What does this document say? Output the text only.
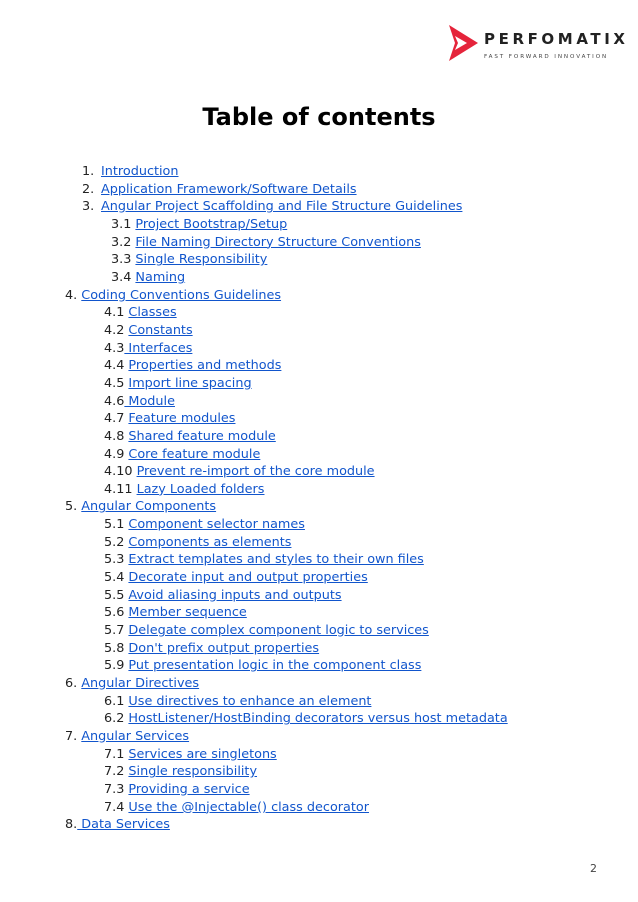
PERFOMATIX
FAST FORWARD INNOVATION
Table of contents
1. Introduction
2. Application Framework/Software Details
3. Angular Project Scaffolding and File Structure Guidelines
3.1 Project Bootstrap/Setup
3.2 File Naming Directory Structure Conventions
3.3 Single Responsibility
3.4 Naming
4. Coding Conventions Guidelines
4.1 Classes
4.2 Constants
4.3 Interfaces
4.4 Properties and methods
4.5 Import line spacing
4.6 Module
4.7 Feature modules
4.8 Shared feature module
4.9 Core feature module
4.10 Prevent re-import of the core module
4.11 Lazy Loaded folders
5. Angular Components
5.1 Component selector names
5.2 Components as elements
5.3 Extract templates and styles to their own files
5.4 Decorate input and output properties
5.5 Avoid aliasing inputs and outputs
5.6 Member sequence
5.7 Delegate complex component logic to services
5.8 Don't prefix output properties
5.9 Put presentation logic in the component class
6. Angular Directives
6.1 Use directives to enhance an element
6.2 HostListener/HostBinding decorators versus host metadata
7. Angular Services
7.1 Services are singletons
7.2 Single responsibility
7.3 Providing a service
7.4 Use the @Injectable() class decorator
8. Data Services
2
